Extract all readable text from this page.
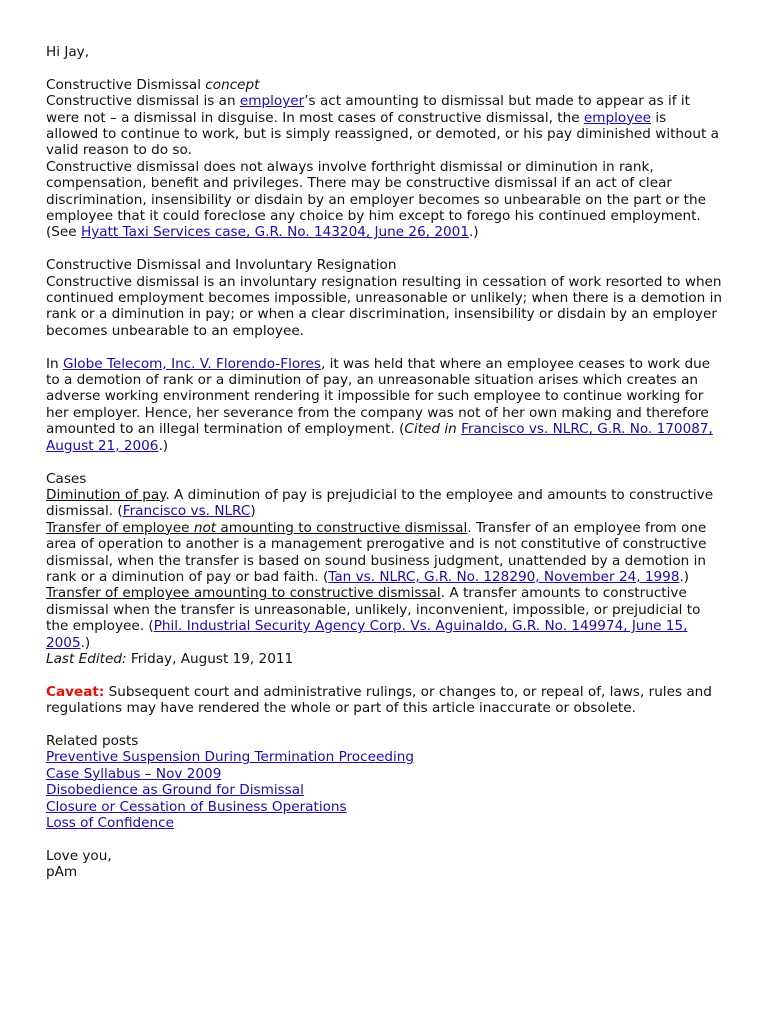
Hi Jay,

Constructive Dismissal concept

Constructive dismissal is an employer’s act amounting to dismissal but made to appear as if it were not – a dismissal in disguise. In most cases of constructive dismissal, the employee is allowed to continue to work, but is simply reassigned, or demoted, or his pay diminished without a valid reason to do so.

Constructive dismissal does not always involve forthright dismissal or diminution in rank, compensation, benefit and privileges. There may be constructive dismissal if an act of clear discrimination, insensibility or disdain by an employer becomes so unbearable on the part or the employee that it could foreclose any choice by him except to forego his continued employment. (See Hyatt Taxi Services case, G.R. No. 143204, June 26, 2001.)

Constructive Dismissal and Involuntary Resignation

Constructive dismissal is an involuntary resignation resulting in cessation of work resorted to when continued employment becomes impossible, unreasonable or unlikely; when there is a demotion in rank or a diminution in pay; or when a clear discrimination, insensibility or disdain by an employer becomes unbearable to an employee.

In Globe Telecom, Inc. V. Florendo-Flores, it was held that where an employee ceases to work due to a demotion of rank or a diminution of pay, an unreasonable situation arises which creates an adverse working environment rendering it impossible for such employee to continue working for her employer. Hence, her severance from the company was not of her own making and therefore amounted to an illegal termination of employment. (Cited in Francisco vs. NLRC, G.R. No. 170087, August 21, 2006.)

Cases

Diminution of pay. A diminution of pay is prejudicial to the employee and amounts to constructive dismissal. (Francisco vs. NLRC)

Transfer of employee not amounting to constructive dismissal. Transfer of an employee from one area of operation to another is a management prerogative and is not constitutive of constructive dismissal, when the transfer is based on sound business judgment, unattended by a demotion in rank or a diminution of pay or bad faith. (Tan vs. NLRC, G.R. No. 128290, November 24, 1998.)

Transfer of employee amounting to constructive dismissal. A transfer amounts to constructive dismissal when the transfer is unreasonable, unlikely, inconvenient, impossible, or prejudicial to the employee. (Phil. Industrial Security Agency Corp. Vs. Aguinaldo, G.R. No. 149974, June 15, 2005.)

Last Edited: Friday, August 19, 2011

Caveat: Subsequent court and administrative rulings, or changes to, or repeal of, laws, rules and regulations may have rendered the whole or part of this article inaccurate or obsolete.

Related posts

Preventive Suspension During Termination Proceeding

Case Syllabus – Nov 2009

Disobedience as Ground for Dismissal

Closure or Cessation of Business Operations

Loss of Confidence

Love you,

pAm
